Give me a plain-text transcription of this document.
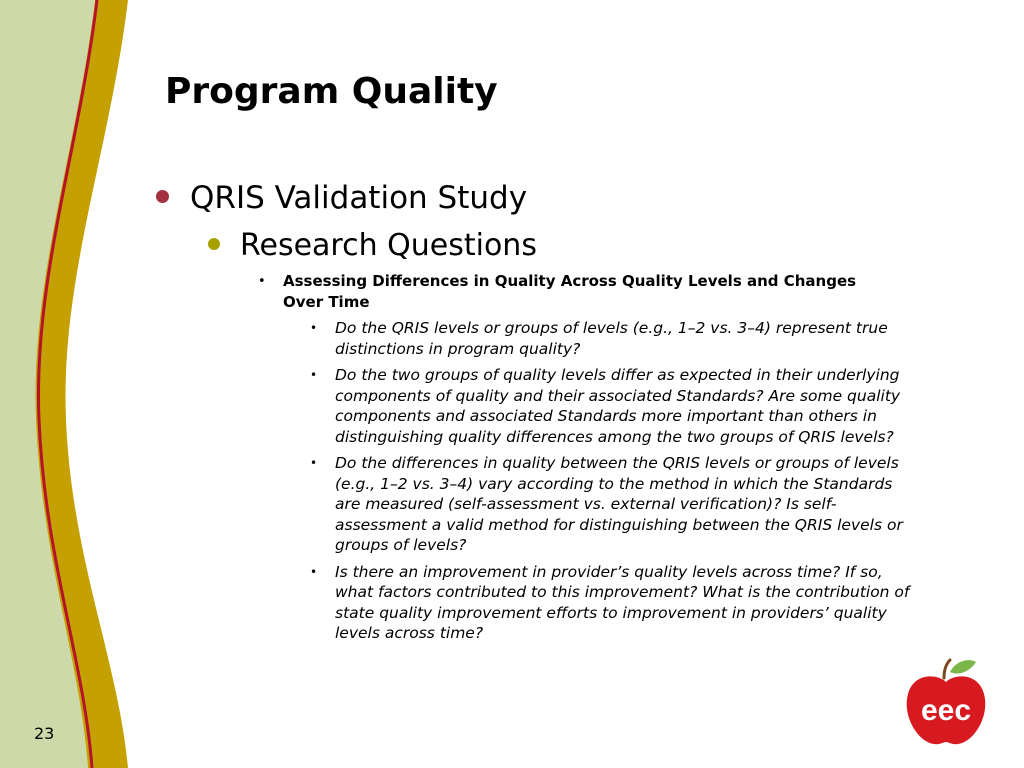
Program Quality
QRIS Validation Study
Research Questions
• Assessing Differences in Quality Across Quality Levels and Changes Over Time
• Do the QRIS levels or groups of levels (e.g., 1–2 vs. 3–4) represent true distinctions in program quality?
• Do the two groups of quality levels differ as expected in their underlying components of quality and their associated Standards? Are some quality components and associated Standards more important than others in distinguishing quality differences among the two groups of QRIS levels?
• Do the differences in quality between the QRIS levels or groups of levels (e.g., 1–2 vs. 3–4) vary according to the method in which the Standards are measured (self-assessment vs. external verification)? Is self-assessment a valid method for distinguishing between the QRIS levels or groups of levels?
• Is there an improvement in provider’s quality levels across time? If so, what factors contributed to this improvement? What is the contribution of state quality improvement efforts to improvement in providers’ quality levels across time?
23
eec
